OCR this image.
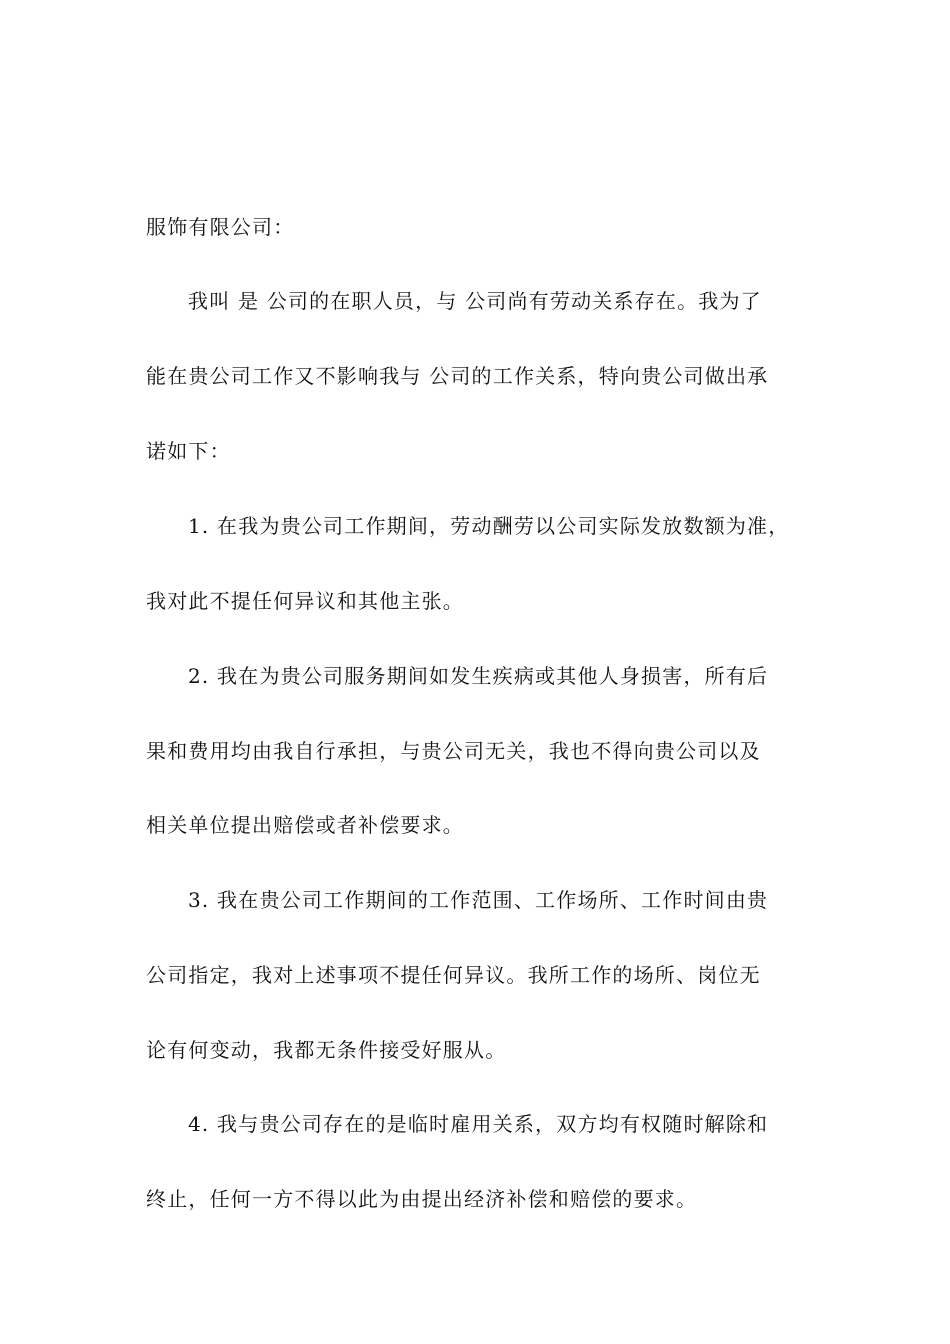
服饰有限公司：
我叫 是 公司的在职人员，与 公司尚有劳动关系存在。我为了
能在贵公司工作又不影响我与 公司的工作关系，特向贵公司做出承
诺如下：
1. 在我为贵公司工作期间，劳动酬劳以公司实际发放数额为准，
我对此不提任何异议和其他主张。
2. 我在为贵公司服务期间如发生疾病或其他人身损害，所有后
果和费用均由我自行承担，与贵公司无关，我也不得向贵公司以及
相关单位提出赔偿或者补偿要求。
3. 我在贵公司工作期间的工作范围、工作场所、工作时间由贵
公司指定，我对上述事项不提任何异议。我所工作的场所、岗位无
论有何变动，我都无条件接受好服从。
4. 我与贵公司存在的是临时雇用关系，双方均有权随时解除和
终止，任何一方不得以此为由提出经济补偿和赔偿的要求。
